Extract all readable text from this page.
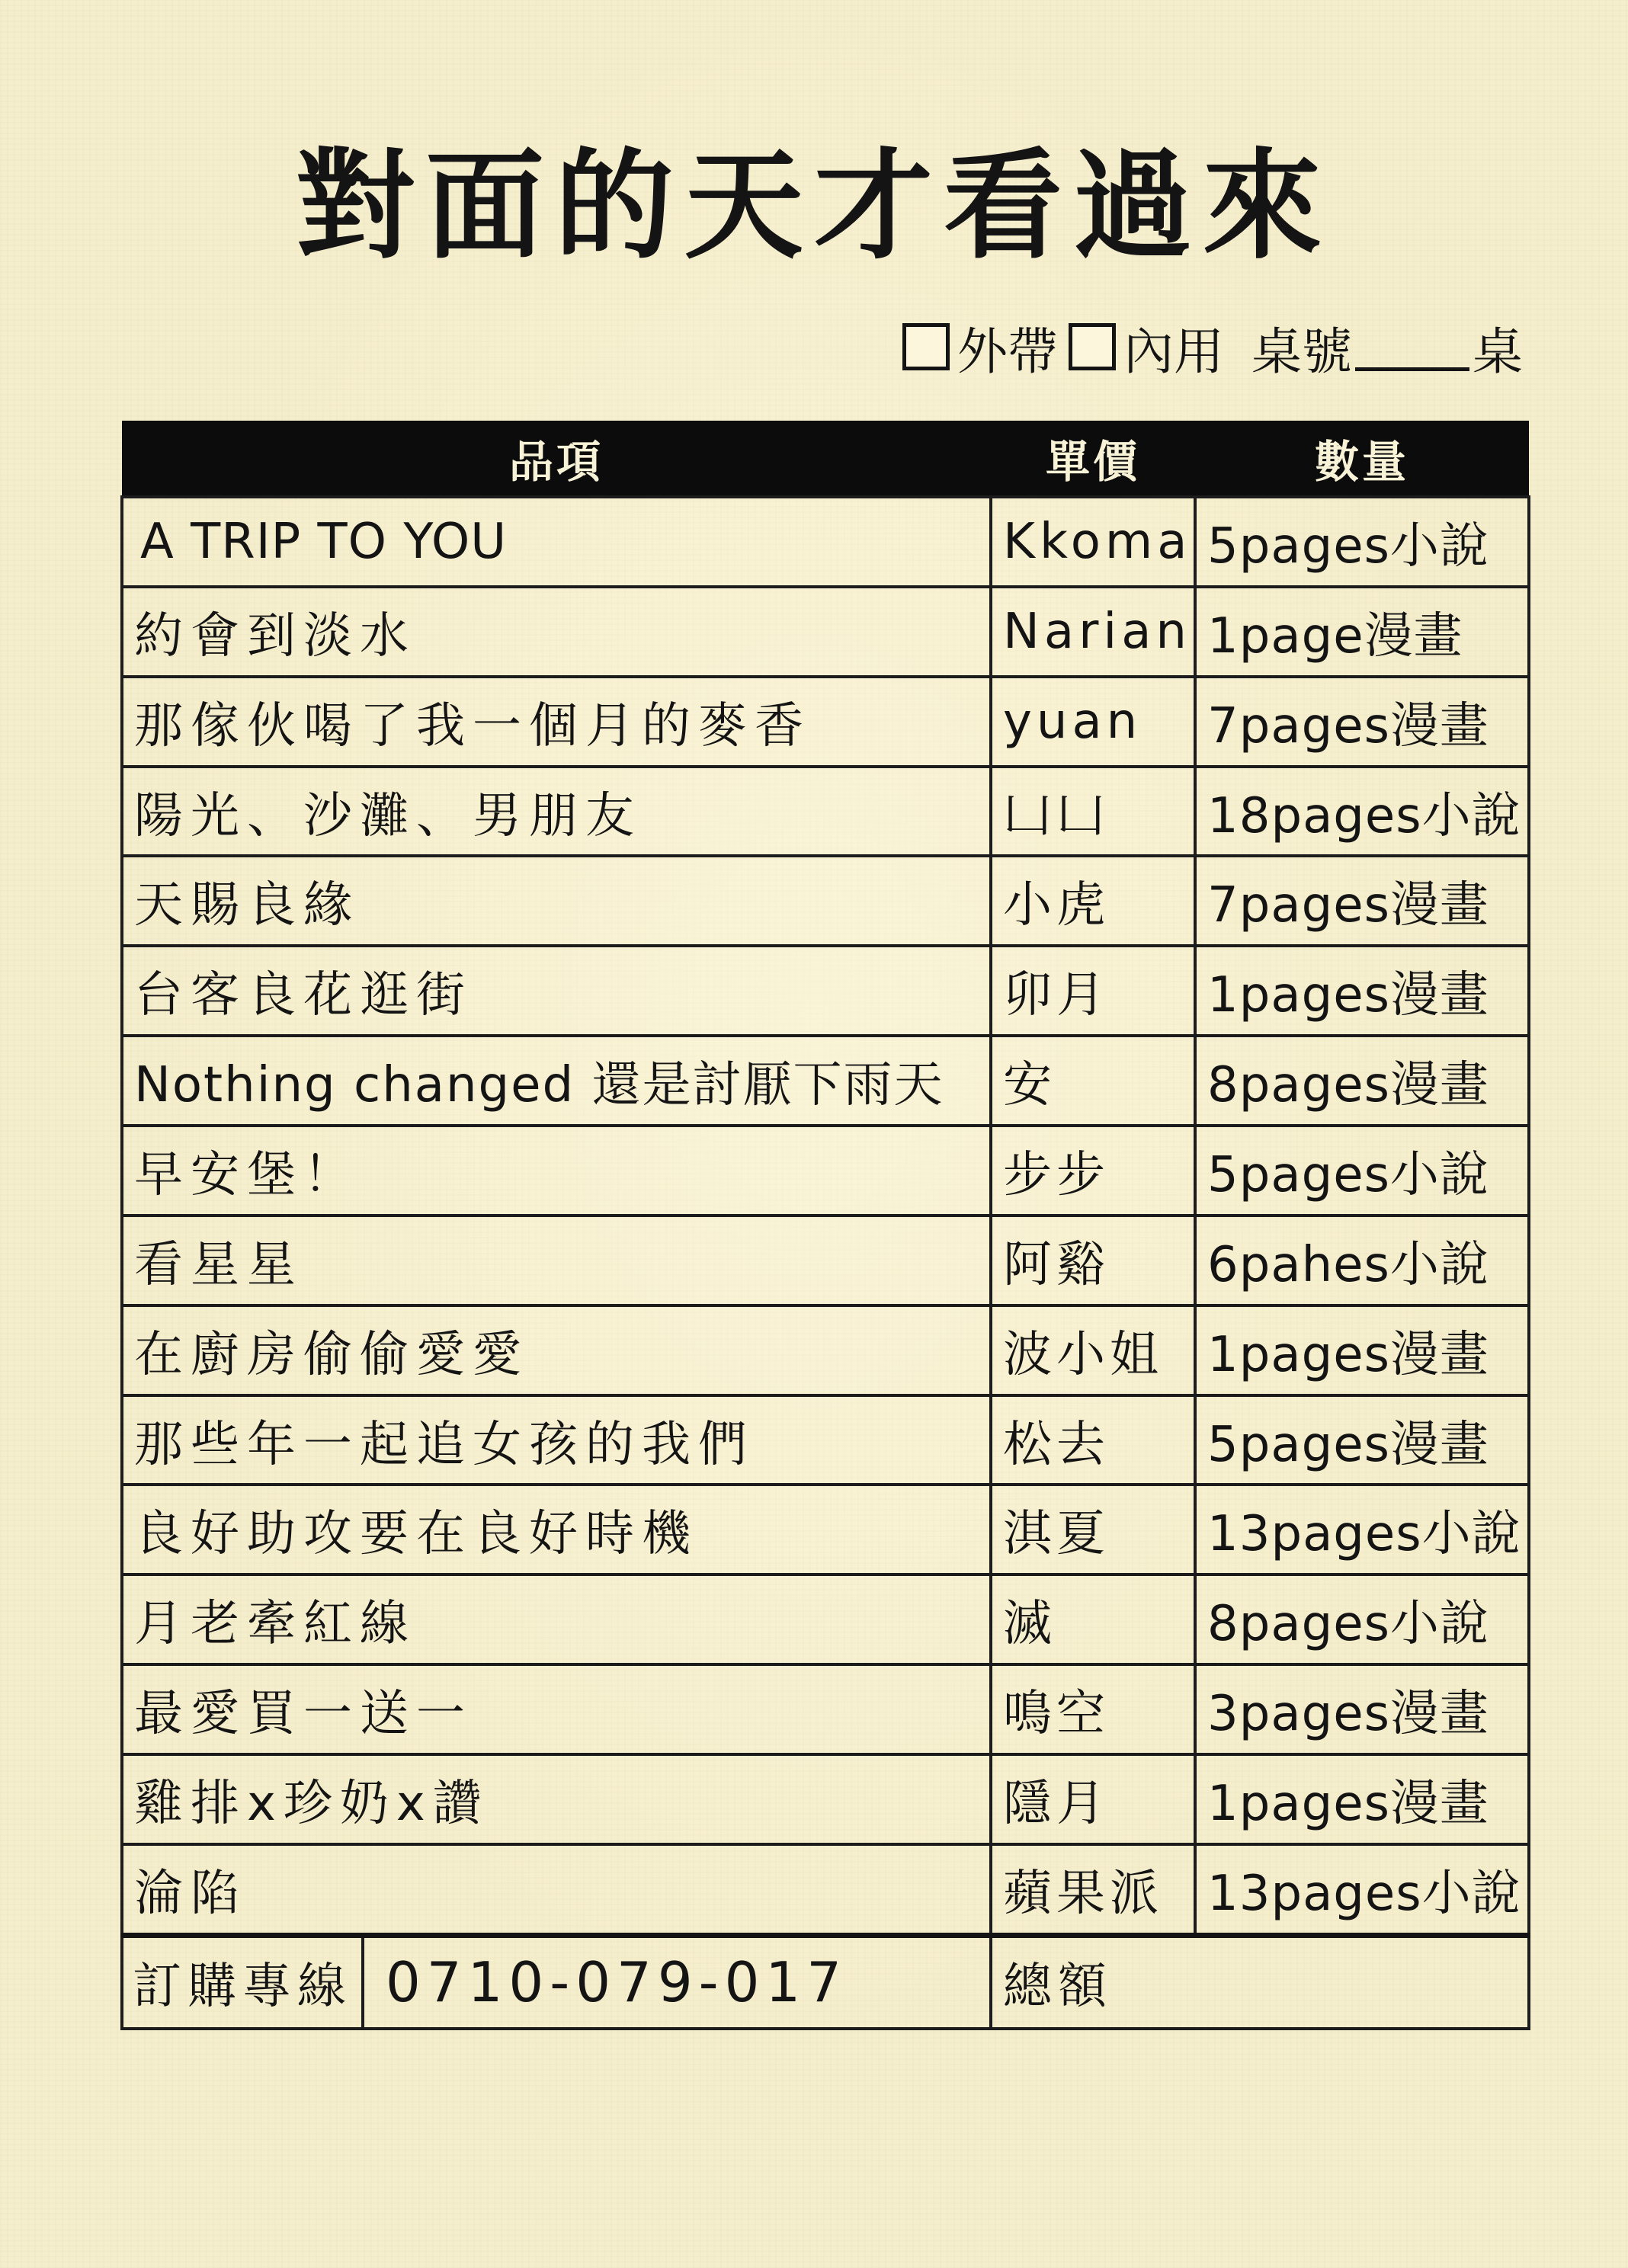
對面的天才看過來
外帶 內用 桌號 桌
品項	單價	數量
A TRIP TO YOU	Kkoma	5pages小說
約會到淡水	Narian	1page漫畫
那傢伙喝了我一個月的麥香	yuan	7pages漫畫
陽光、沙灘、男朋友	凵凵	18pages小說
天賜良緣	小虎	7pages漫畫
台客良花逛街	卯月	1pages漫畫
Nothing changed 還是討厭下雨天	安	8pages漫畫
早安堡！	步步	5pages小說
看星星	阿谿	6pahes小說
在廚房偷偷愛愛	波小姐	1pages漫畫
那些年一起追女孩的我們	松去	5pages漫畫
良好助攻要在良好時機	淇夏	13pages小說
月老牽紅線	滅	8pages小說
最愛買一送一	鳴空	3pages漫畫
雞排x珍奶x讚	隱月	1pages漫畫
淪陷	蘋果派	13pages小說

訂購專線 0710-079-017	總額	
